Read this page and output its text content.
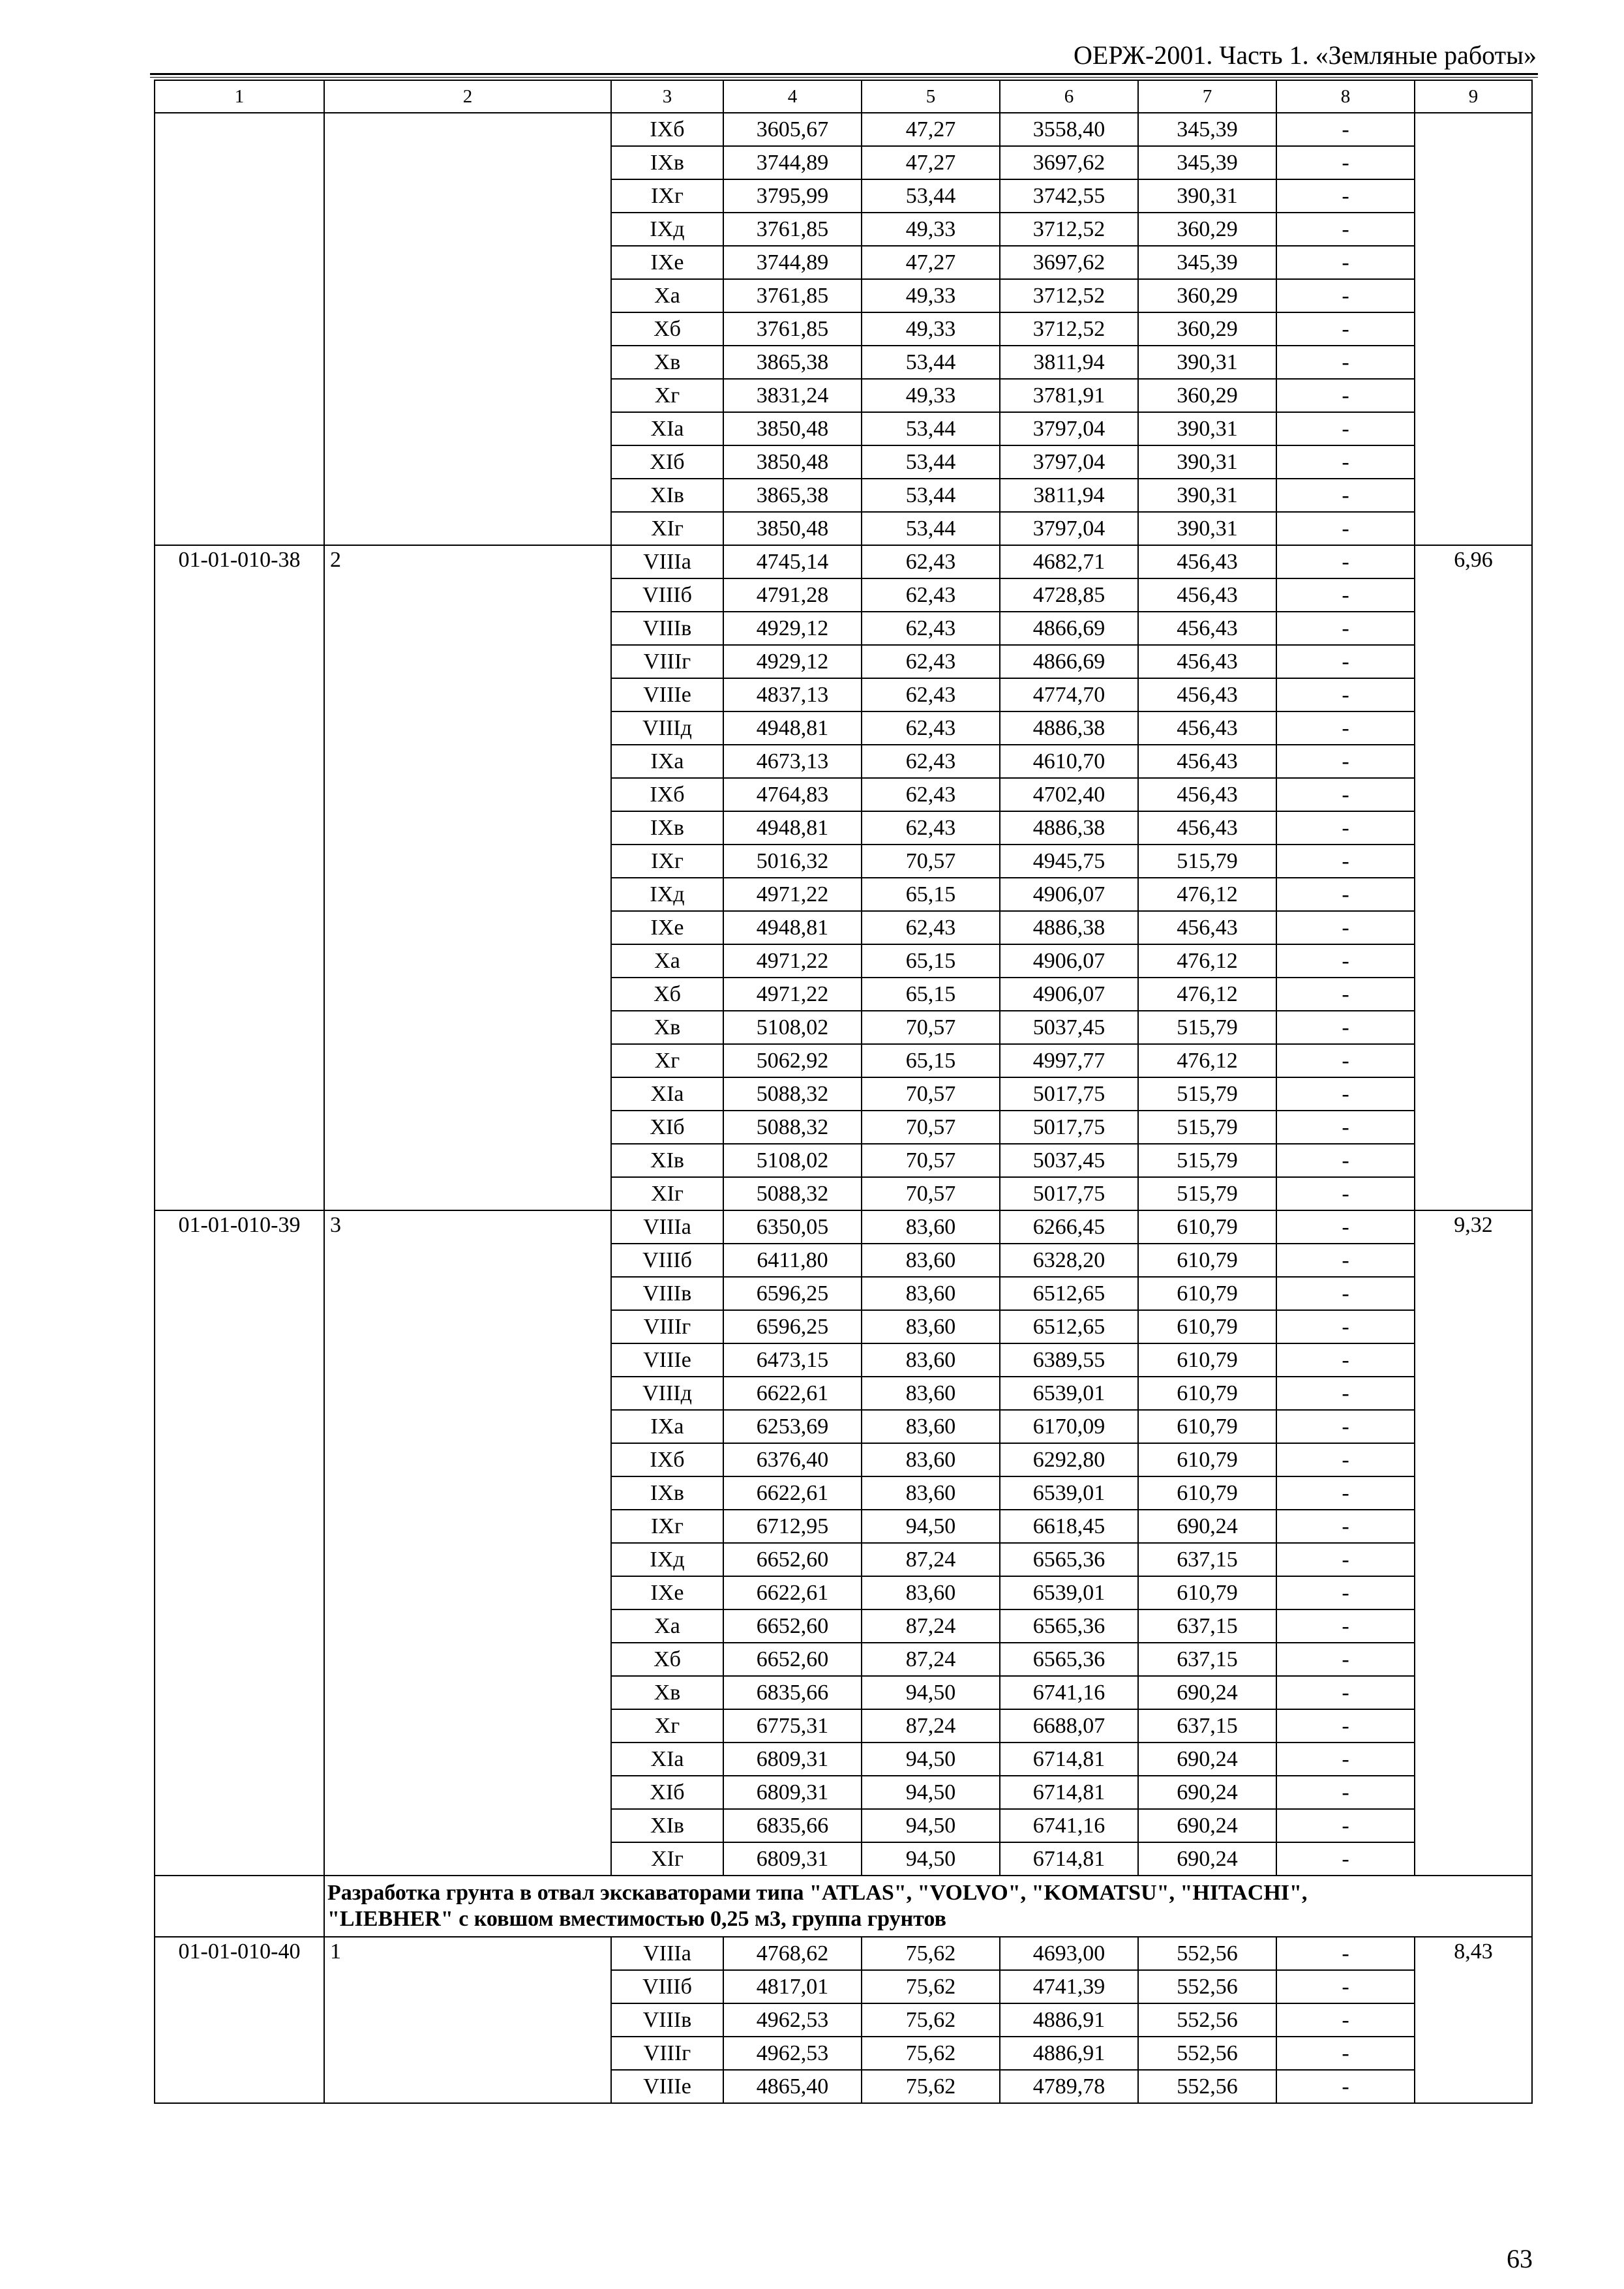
ОЕРЖ-2001. Часть 1. «Земляные работы»
1	2	3	4	5	6	7	8	9
		IXб	3605,67	47,27	3558,40	345,39	-	
		IXв	3744,89	47,27	3697,62	345,39	-	
		IXг	3795,99	53,44	3742,55	390,31	-	
		IXд	3761,85	49,33	3712,52	360,29	-	
		IXе	3744,89	47,27	3697,62	345,39	-	
		Xа	3761,85	49,33	3712,52	360,29	-	
		Xб	3761,85	49,33	3712,52	360,29	-	
		Xв	3865,38	53,44	3811,94	390,31	-	
		Xг	3831,24	49,33	3781,91	360,29	-	
		XIа	3850,48	53,44	3797,04	390,31	-	
		XIб	3850,48	53,44	3797,04	390,31	-	
		XIв	3865,38	53,44	3811,94	390,31	-	
		XIг	3850,48	53,44	3797,04	390,31	-	
01-01-010-38	2	VIIIа	4745,14	62,43	4682,71	456,43	-	6,96
		VIIIб	4791,28	62,43	4728,85	456,43	-	
		VIIIв	4929,12	62,43	4866,69	456,43	-	
		VIIIг	4929,12	62,43	4866,69	456,43	-	
		VIIIе	4837,13	62,43	4774,70	456,43	-	
		VIIIд	4948,81	62,43	4886,38	456,43	-	
		IXа	4673,13	62,43	4610,70	456,43	-	
		IXб	4764,83	62,43	4702,40	456,43	-	
		IXв	4948,81	62,43	4886,38	456,43	-	
		IXг	5016,32	70,57	4945,75	515,79	-	
		IXд	4971,22	65,15	4906,07	476,12	-	
		IXе	4948,81	62,43	4886,38	456,43	-	
		Xа	4971,22	65,15	4906,07	476,12	-	
		Xб	4971,22	65,15	4906,07	476,12	-	
		Xв	5108,02	70,57	5037,45	515,79	-	
		Xг	5062,92	65,15	4997,77	476,12	-	
		XIа	5088,32	70,57	5017,75	515,79	-	
		XIб	5088,32	70,57	5017,75	515,79	-	
		XIв	5108,02	70,57	5037,45	515,79	-	
		XIг	5088,32	70,57	5017,75	515,79	-	
01-01-010-39	3	VIIIа	6350,05	83,60	6266,45	610,79	-	9,32
		VIIIб	6411,80	83,60	6328,20	610,79	-	
		VIIIв	6596,25	83,60	6512,65	610,79	-	
		VIIIг	6596,25	83,60	6512,65	610,79	-	
		VIIIе	6473,15	83,60	6389,55	610,79	-	
		VIIIд	6622,61	83,60	6539,01	610,79	-	
		IXа	6253,69	83,60	6170,09	610,79	-	
		IXб	6376,40	83,60	6292,80	610,79	-	
		IXв	6622,61	83,60	6539,01	610,79	-	
		IXг	6712,95	94,50	6618,45	690,24	-	
		IXд	6652,60	87,24	6565,36	637,15	-	
		IXе	6622,61	83,60	6539,01	610,79	-	
		Xа	6652,60	87,24	6565,36	637,15	-	
		Xб	6652,60	87,24	6565,36	637,15	-	
		Xв	6835,66	94,50	6741,16	690,24	-	
		Xг	6775,31	87,24	6688,07	637,15	-	
		XIа	6809,31	94,50	6714,81	690,24	-	
		XIб	6809,31	94,50	6714,81	690,24	-	
		XIв	6835,66	94,50	6741,16	690,24	-	
		XIг	6809,31	94,50	6714,81	690,24	-	
	Разработка грунта в отвал экскаваторами типа "ATLAS", "VOLVO", "KOMATSU", "HITACHI",
"LIEBHER" с ковшом вместимостью 0,25 м3, группа грунтов							
01-01-010-40	1	VIIIа	4768,62	75,62	4693,00	552,56	-	8,43
		VIIIб	4817,01	75,62	4741,39	552,56	-	
		VIIIв	4962,53	75,62	4886,91	552,56	-	
		VIIIг	4962,53	75,62	4886,91	552,56	-	
		VIIIе	4865,40	75,62	4789,78	552,56	-	
63
